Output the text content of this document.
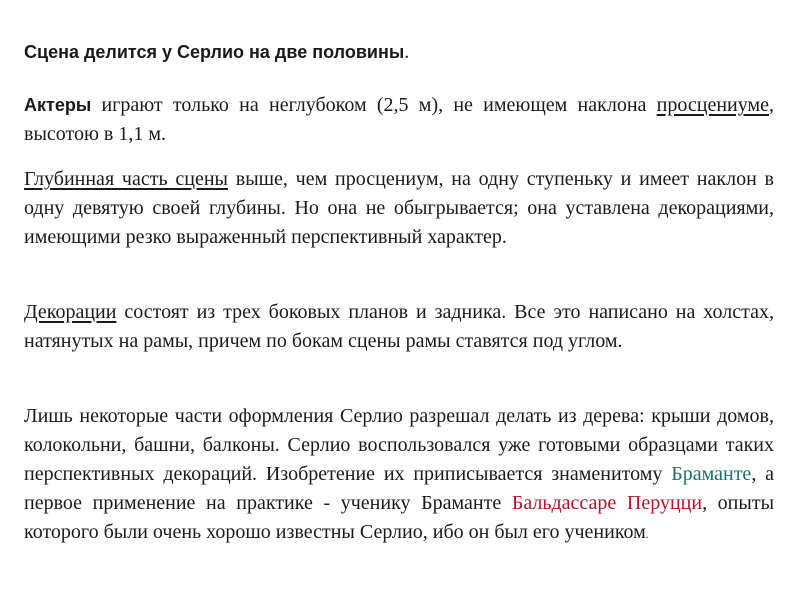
Сцена делится у Серлио на две половины.

Актеры играют только на неглубоком (2,5 м), не имеющем наклона просцениуме, высотою в 1,1 м.

Глубинная часть сцены выше, чем просцениум, на одну ступеньку и имеет наклон в одну девятую своей глубины. Но она не обыгрывается; она уставлена декорациями, имеющими резко выраженный перспективный характер.

Декорации состоят из трех боковых планов и задника. Все это написано на холстах, натянутых на рамы, причем по бокам сцены рамы ставятся под углом.

Лишь некоторые части оформления Серлио разрешал делать из дерева: крыши домов, колокольни, башни, балконы. Серлио воспользовался уже готовыми образцами таких перспективных декораций. Изобретение их приписывается знаменитому Браманте, а первое применение на практике - ученику Браманте Бальдассаре Перуцци, опыты которого были очень хорошо известны Серлио, ибо он был его учеником.
